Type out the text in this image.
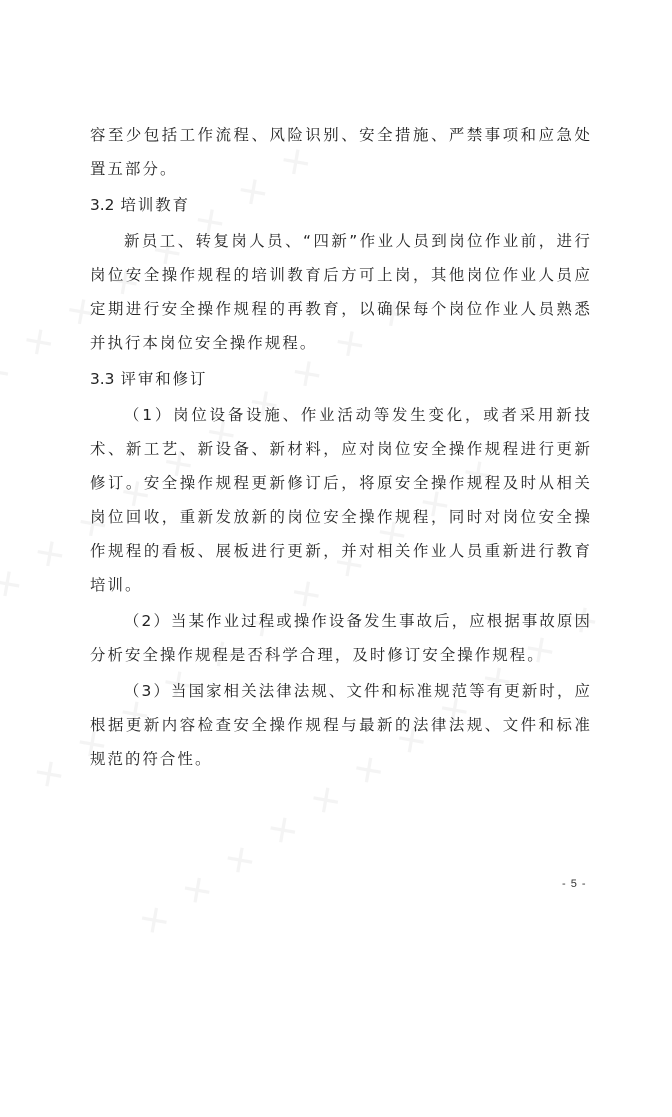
容至少包括工作流程、风险识别、安全措施、严禁事项和应急处置五部分。

3.2 培训教育

新员工、转复岗人员、“四新”作业人员到岗位作业前，进行岗位安全操作规程的培训教育后方可上岗，其他岗位作业人员应定期进行安全操作规程的再教育，以确保每个岗位作业人员熟悉并执行本岗位安全操作规程。

3.3 评审和修订

（1）岗位设备设施、作业活动等发生变化，或者采用新技术、新工艺、新设备、新材料，应对岗位安全操作规程进行更新修订。安全操作规程更新修订后，将原安全操作规程及时从相关岗位回收，重新发放新的岗位安全操作规程，同时对岗位安全操作规程的看板、展板进行更新，并对相关作业人员重新进行教育培训。

（2）当某作业过程或操作设备发生事故后，应根据事故原因分析安全操作规程是否科学合理，及时修订安全操作规程。

（3）当国家相关法律法规、文件和标准规范等有更新时，应根据更新内容检查安全操作规程与最新的法律法规、文件和标准规范的符合性。

- 5 -
